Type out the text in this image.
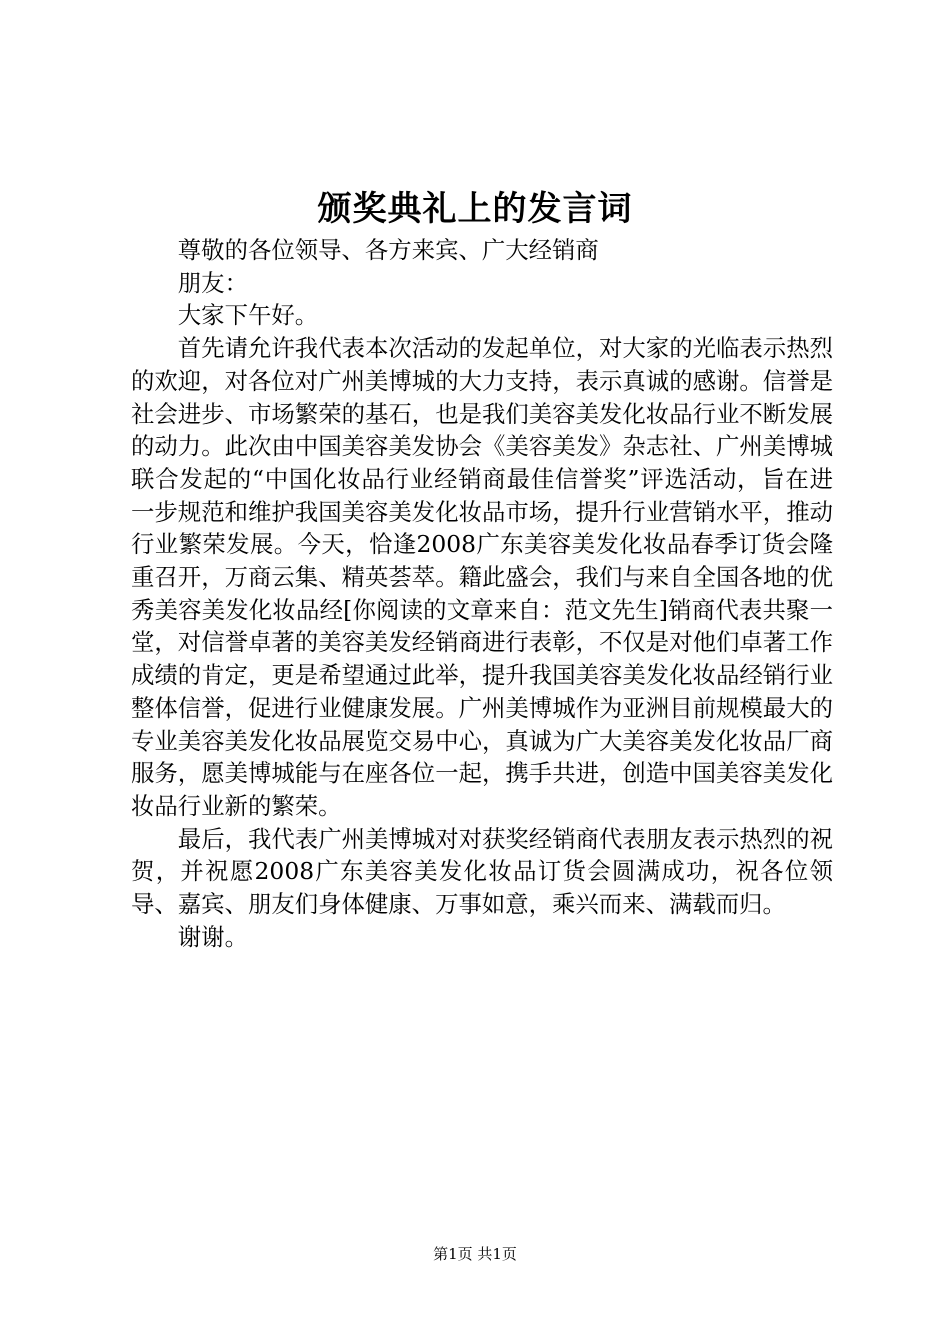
颁奖典礼上的发言词

尊敬的各位领导、各方来宾、广大经销商

朋友：

大家下午好。

首先请允许我代表本次活动的发起单位，对大家的光临表示热烈的欢迎，对各位对广州美博城的大力支持，表示真诚的感谢。信誉是社会进步、市场繁荣的基石，也是我们美容美发化妆品行业不断发展的动力。此次由中国美容美发协会《美容美发》杂志社、广州美博城联合发起的“中国化妆品行业经销商最佳信誉奖”评选活动，旨在进一步规范和维护我国美容美发化妆品市场，提升行业营销水平，推动行业繁荣发展。今天，恰逢2008广东美容美发化妆品春季订货会隆重召开，万商云集、精英荟萃。籍此盛会，我们与来自全国各地的优秀美容美发化妆品经[你阅读的文章来自：范文先生]销商代表共聚一堂，对信誉卓著的美容美发经销商进行表彰，不仅是对他们卓著工作成绩的肯定，更是希望通过此举，提升我国美容美发化妆品经销行业整体信誉，促进行业健康发展。广州美博城作为亚洲目前规模最大的专业美容美发化妆品展览交易中心，真诚为广大美容美发化妆品厂商服务，愿美博城能与在座各位一起，携手共进，创造中国美容美发化妆品行业新的繁荣。

最后，我代表广州美博城对对获奖经销商代表朋友表示热烈的祝贺，并祝愿2008广东美容美发化妆品订货会圆满成功，祝各位领导、嘉宾、朋友们身体健康、万事如意，乘兴而来、满载而归。

谢谢。

第1页 共1页
